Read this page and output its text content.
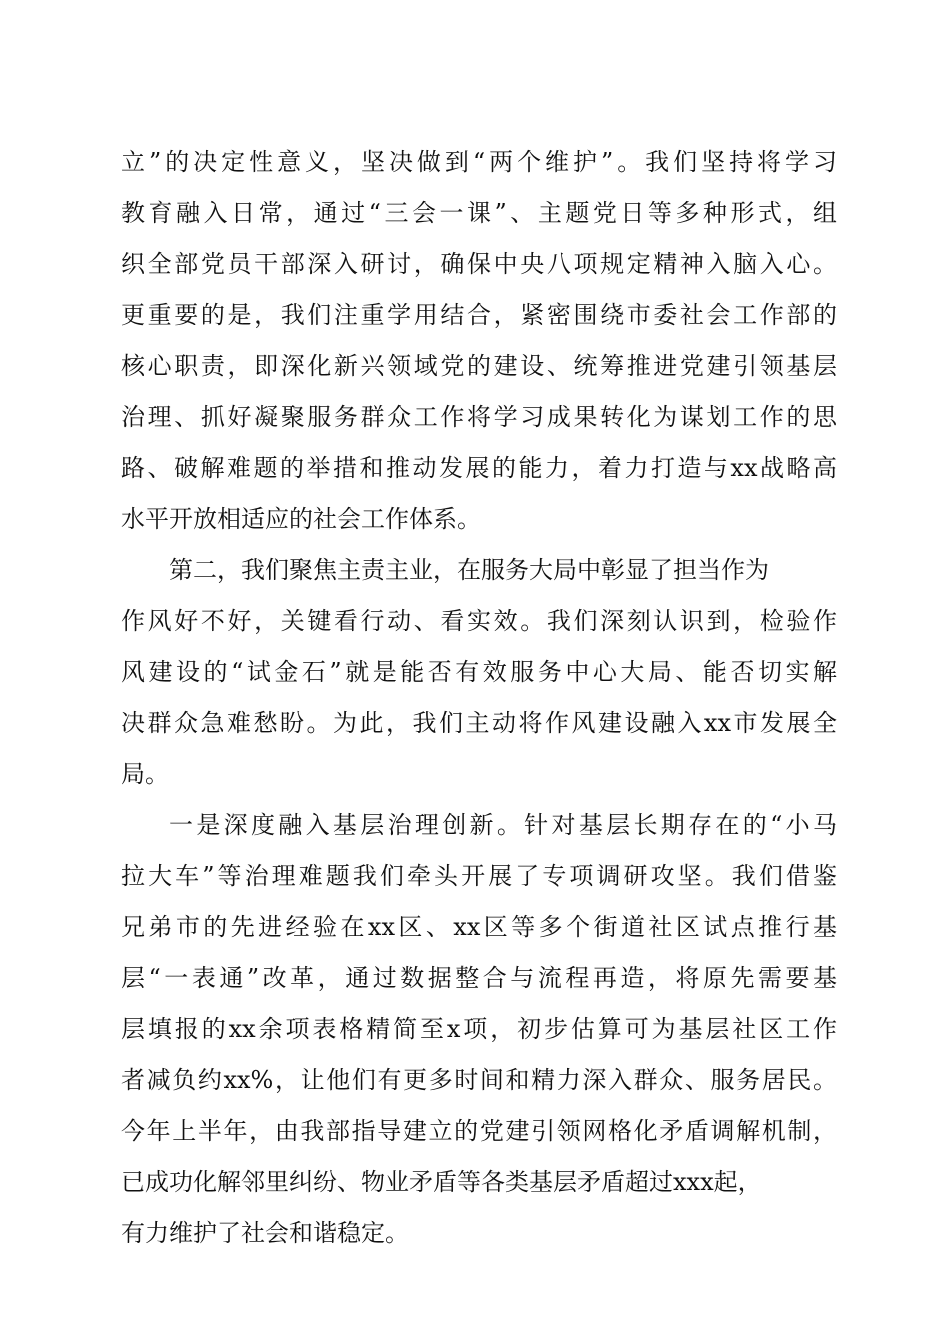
立”的决定性意义，坚决做到“两个维护”。我们坚持将学习
教育融入日常，通过“三会一课”、主题党日等多种形式，组
织全部党员干部深入研讨，确保中央八项规定精神入脑入心。
更重要的是，我们注重学用结合，紧密围绕市委社会工作部的
核心职责，即深化新兴领域党的建设、统筹推进党建引领基层
治理、抓好凝聚服务群众工作将学习成果转化为谋划工作的思
路、破解难题的举措和推动发展的能力，着力打造与xx战略高
水平开放相适应的社会工作体系。
第二，我们聚焦主责主业，在服务大局中彰显了担当作为
作风好不好，关键看行动、看实效。我们深刻认识到，检验作
风建设的“试金石”就是能否有效服务中心大局、能否切实解
决群众急难愁盼。为此，我们主动将作风建设融入xx市发展全
局。
一是深度融入基层治理创新。针对基层长期存在的“小马
拉大车”等治理难题我们牵头开展了专项调研攻坚。我们借鉴
兄弟市的先进经验在xx区、xx区等多个街道社区试点推行基
层“一表通”改革，通过数据整合与流程再造，将原先需要基
层填报的xx余项表格精简至x项，初步估算可为基层社区工作
者减负约xx%，让他们有更多时间和精力深入群众、服务居民。
今年上半年，由我部指导建立的党建引领网格化矛盾调解机制，
已成功化解邻里纠纷、物业矛盾等各类基层矛盾超过xxx起，
有力维护了社会和谐稳定。
